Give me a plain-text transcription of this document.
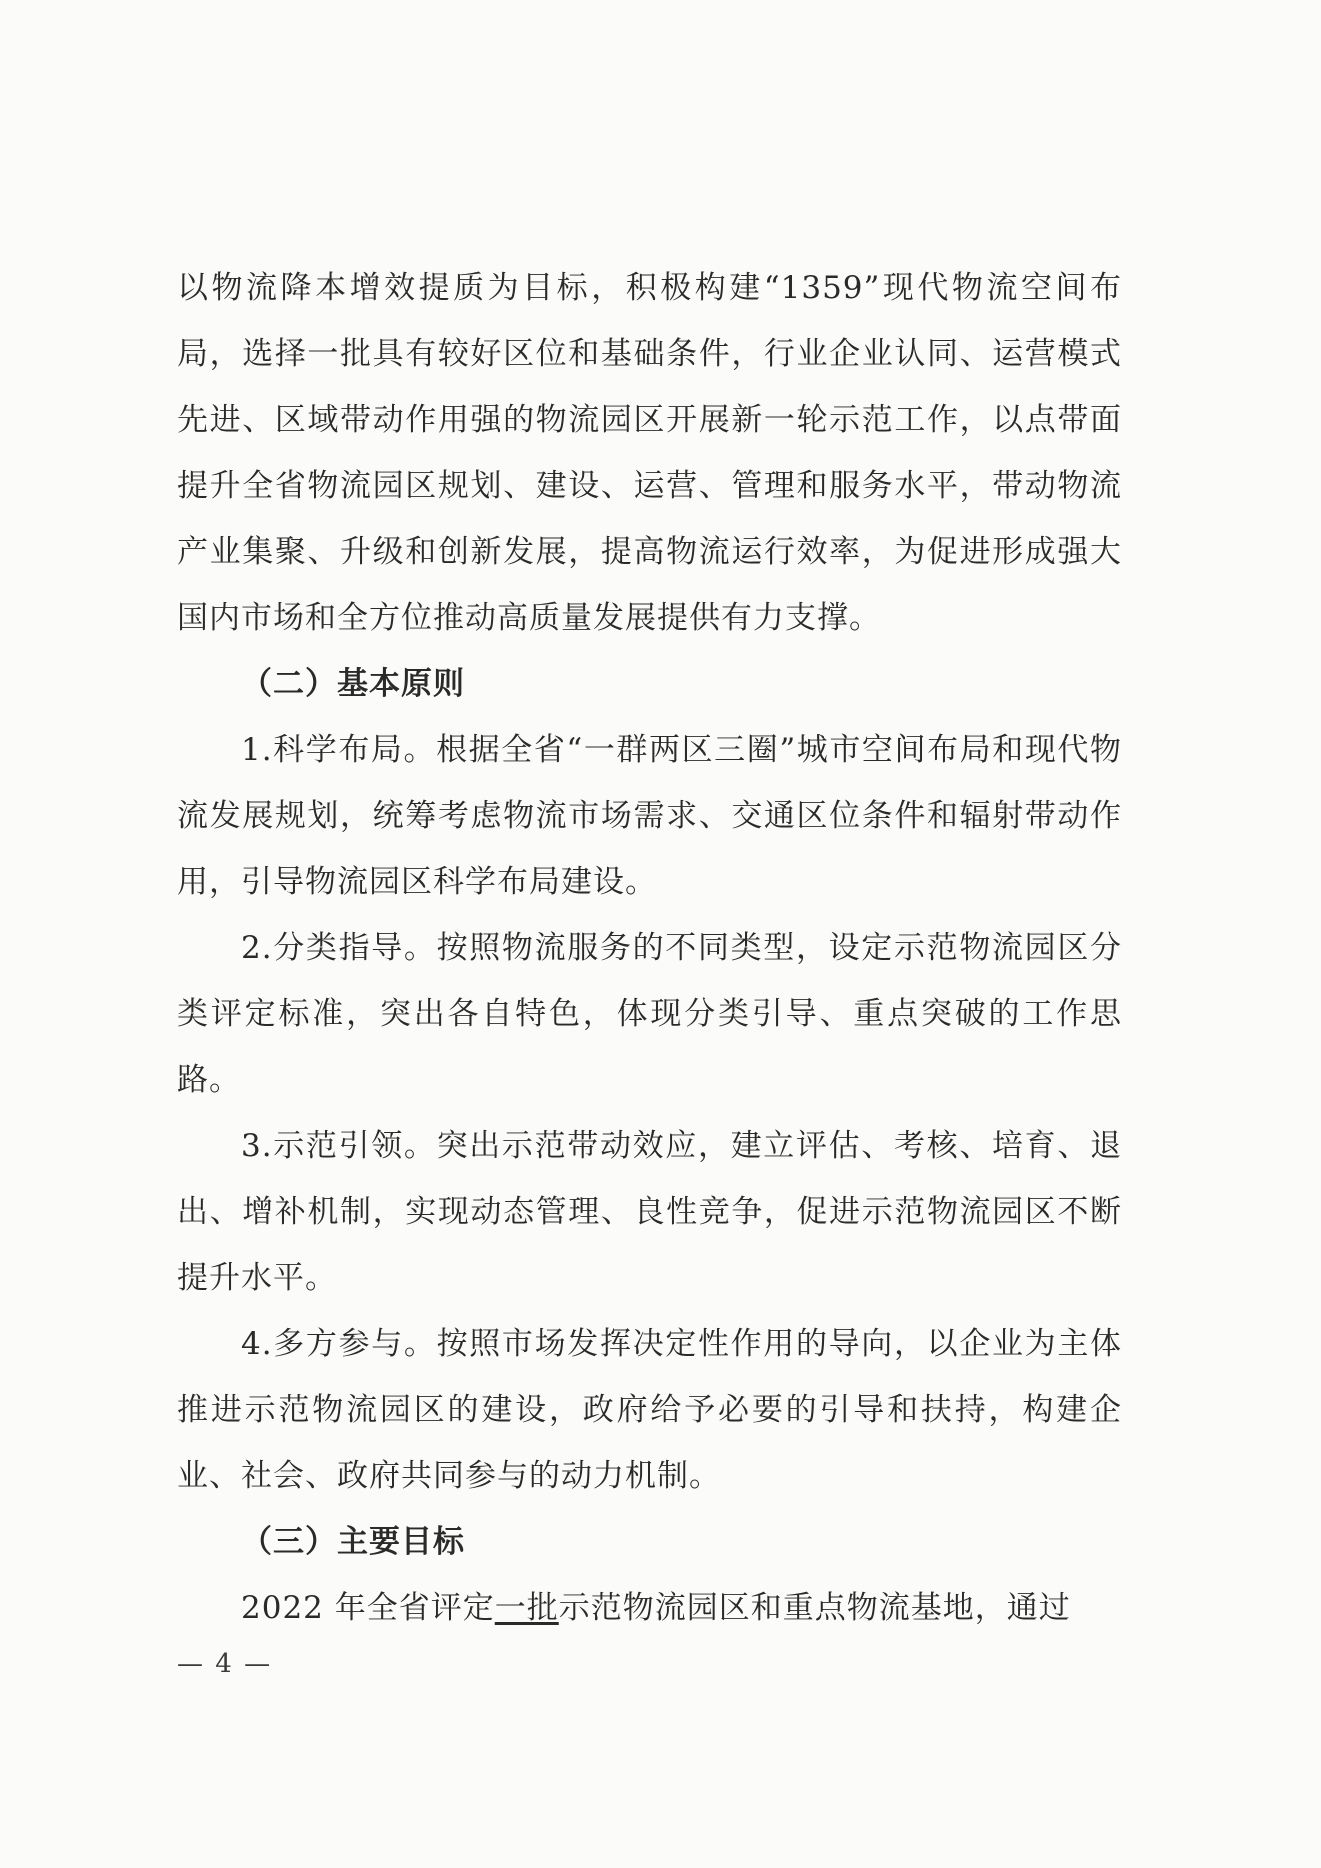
以物流降本增效提质为目标，积极构建“1359”现代物流空间布局，选择一批具有较好区位和基础条件，行业企业认同、运营模式先进、区域带动作用强的物流园区开展新一轮示范工作，以点带面提升全省物流园区规划、建设、运营、管理和服务水平，带动物流产业集聚、升级和创新发展，提高物流运行效率，为促进形成强大国内市场和全方位推动高质量发展提供有力支撑。

（二）基本原则

1.科学布局。根据全省“一群两区三圈”城市空间布局和现代物流发展规划，统筹考虑物流市场需求、交通区位条件和辐射带动作用，引导物流园区科学布局建设。

2.分类指导。按照物流服务的不同类型，设定示范物流园区分类评定标准，突出各自特色，体现分类引导、重点突破的工作思路。

3.示范引领。突出示范带动效应，建立评估、考核、培育、退出、增补机制，实现动态管理、良性竞争，促进示范物流园区不断提升水平。

4.多方参与。按照市场发挥决定性作用的导向，以企业为主体推进示范物流园区的建设，政府给予必要的引导和扶持，构建企业、社会、政府共同参与的动力机制。

（三）主要目标

2022 年全省评定一批示范物流园区和重点物流基地，通过

— 4 —
